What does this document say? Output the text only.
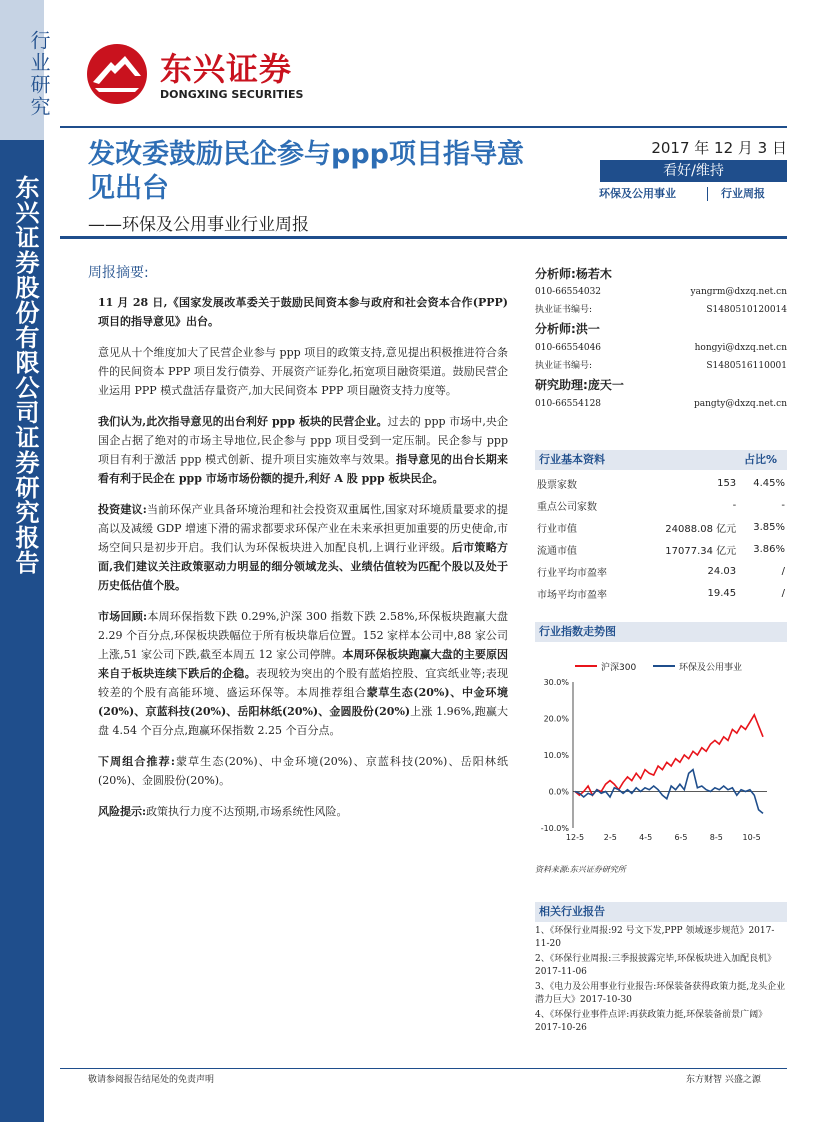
行业研究
东兴证券股份有限公司证券研究报告
东兴证券
DONGXING SECURITIES
发改委鼓励民企参与ppp项目指导意见出台
——环保及公用事业行业周报
2017 年 12 月 3 日
看好/维持
环保及公用事业	行业周报
周报摘要:

11 月 28 日,《国家发展改革委关于鼓励民间资本参与政府和社会资本合作(PPP)项目的指导意见》出台。

意见从十个维度加大了民营企业参与 ppp 项目的政策支持,意见提出积极推进符合条件的民间资本 PPP 项目发行债券、开展资产证券化,拓宽项目融资渠道。鼓励民营企业运用 PPP 模式盘活存量资产,加大民间资本 PPP 项目融资支持力度等。

我们认为,此次指导意见的出台利好 ppp 板块的民营企业。过去的 ppp 市场中,央企国企占据了绝对的市场主导地位,民企参与 ppp 项目受到一定压制。民企参与 ppp 项目有利于激活 ppp 模式创新、提升项目实施效率与效果。指导意见的出台长期来看有利于民企在 ppp 市场市场份额的提升,利好 A 股 ppp 板块民企。

投资建议:当前环保产业具备环境治理和社会投资双重属性,国家对环境质量要求的提高以及减缓 GDP 增速下滑的需求都要求环保产业在未来承担更加重要的历史使命,市场空间只是初步开启。我们认为环保板块进入加配良机,上调行业评级。后市策略方面,我们建议关注政策驱动力明显的细分领域龙头、业绩估值较为匹配个股以及处于历史低估值个股。

市场回顾:本周环保指数下跌 0.29%,沪深 300 指数下跌 2.58%,环保板块跑赢大盘 2.29 个百分点,环保板块跌幅位于所有板块靠后位置。152 家样本公司中,88 家公司上涨,51 家公司下跌,截至本周五 12 家公司停牌。本周环保板块跑赢大盘的主要原因来自于板块连续下跌后的企稳。表现较为突出的个股有蓝焰控股、宜宾纸业等;表现较差的个股有高能环境、盛运环保等。本周推荐组合蒙草生态(20%)、中金环境(20%)、京蓝科技(20%)、岳阳林纸(20%)、金圆股份(20%)上涨 1.96%,跑赢大盘 4.54 个百分点,跑赢环保指数 2.25 个百分点。

下周组合推荐:蒙草生态(20%)、中金环境(20%)、京蓝科技(20%)、岳阳林纸(20%)、金圆股份(20%)。

风险提示:政策执行力度不达预期,市场系统性风险。

分析师:杨若木
010-66554032	yangrm@dxzq.net.cn
执业证书编号:	S1480510120014
分析师:洪一
010-66554046	hongyi@dxzq.net.cn
执业证书编号:	S1480516110001
研究助理:庞天一
010-66554128	pangty@dxzq.net.cn
行业基本资料	占比%
股票家数	153	4.45%
重点公司家数	-	-
行业市值	24088.08 亿元	3.85%
流通市值	17077.34 亿元	3.86%
行业平均市盈率	24.03	/
市场平均市盈率	19.45	/
行业指数走势图
沪深300	环保及公用事业
30.0%
20.0%
10.0%
0.0%
-10.0%
12-5 2-5	4-5	6-5	8-5 10-5
资料来源:东兴证券研究所
相关行业报告
1、《环保行业周报:92 号文下发,PPP 领域逐步规范》2017-11-20
2、《环保行业周报:三季报披露完毕,环保板块进入加配良机》2017-11-06
3、《电力及公用事业行业报告:环保装备获得政策力挺,龙头企业潜力巨大》2017-10-30
4、《环保行业事件点评:再获政策力挺,环保装备前景广阔》2017-10-26
敬请参阅报告结尾处的免责声明	东方财智 兴盛之源
